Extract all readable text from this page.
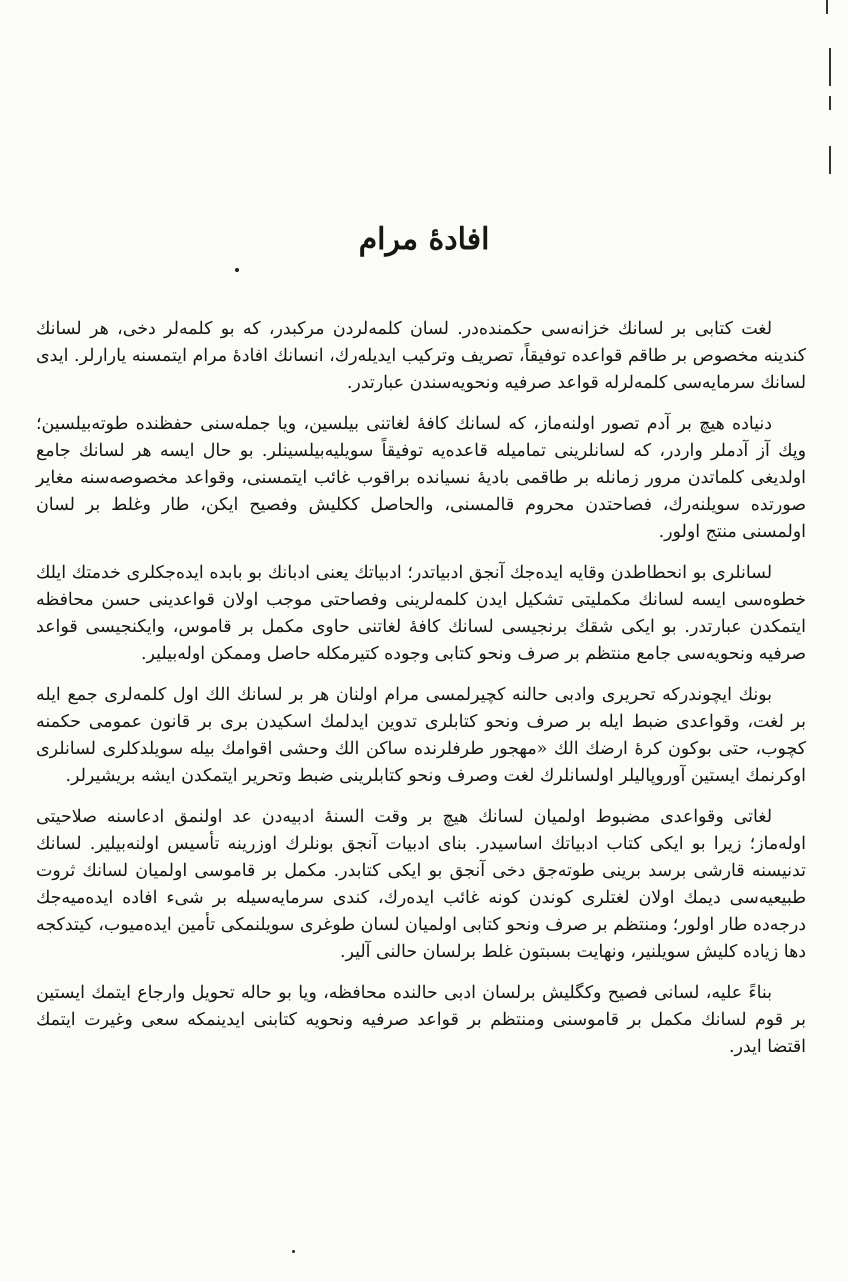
افادهٔ مرام

لغت کتابی بر لسانك خزانه‌سی حکمنده‌در. لسان کلمه‌لردن مرکبدر، که بو کلمه‌لر دخی، هر لسانك کندینه مخصوص بر طاقم قواعده توفیقاً، تصریف وترکیب ایدیله‌رك، انسانك افادهٔ مرام ایتمسنه یارارلر. ایدی لسانك سرمایه‌سی کلمه‌لرله قواعد صرفیه ونحویه‌سندن عبارتدر.

دنیاده هیچ بر آدم تصور اولنه‌ماز، که لسانك کافهٔ لغاتنی بیلسین، ویا جمله‌سنی حفظنده طوته‌بیلسین؛ وپك آز آدملر واردر، که لسانلرینی تماميله قاعده‌یه توفیقاً سویلیه‌بیلسینلر. بو حال ایسه هر لسانك جامع اولدیغی کلماتدن مرور زمانله بر طاقمی بادیهٔ نسیانده براقوب غائب ایتمسنی، وقواعد مخصوصه‌سنه مغایر صورتده سویلنه‌رك، فصاحتدن محروم قالمسنی، والحاصل ککلیش وفصیح ایکن، طار وغلط بر لسان اولمسنی منتج اولور.

لسانلری بو انحطاطدن وقایه ایده‌جك آنجق ادبیاتدر؛ ادبیاتك یعنی ادبانك بو بابده ایده‌جکلری خدمتك ایلك خطوه‌سی ایسه لسانك مکملیتی تشکیل ایدن کلمه‌لرینی وفصاحتی موجب اولان قواعدینی حسن محافظه ایتمکدن عبارتدر. بو ایکی شقك برنجیسی لسانك کافهٔ لغاتنی حاوی مکمل بر قاموس، وایکنجیسی قواعد صرفیه ونحویه‌سی جامع منتظم بر صرف ونحو کتابی وجوده کتیرمکله حاصل وممکن اوله‌بیلیر.

بونك ایچوندرکه تحریری وادبی حالنه کچیرلمسی مرام اولنان هر بر لسانك الك اول کلمه‌لری جمع ایله بر لغت، وقواعدی ضبط ایله بر صرف ونحو کتابلری تدوین ایدلمك اسکیدن بری بر قانون عمومی حکمنه کچوب، حتی بوکون کرهٔ ارضك الك «مهجور طرفلرنده ساکن الك وحشی اقوامك بیله سویلدکلری لسانلری اوکرنمك ایستین آوروپالیلر اولسانلرك لغت وصرف ونحو کتابلرینی ضبط وتحریر ایتمکدن ایشه بریشیرلر.

لغاتی وقواعدی مضبوط اولمیان لسانك هیچ بر وقت السنهٔ ادبیه‌دن عد اولنمق ادعاسنه صلاحیتی اوله‌ماز؛ زیرا بو ایکی کتاب ادبیاتك اساسیدر. بنای ادبیات آنجق بونلرك اوزرینه تأسیس اولنه‌بیلیر. لسانك تدنیسنه قارشی برسد برینی طوته‌جق دخی آنجق بو ایکی کتابدر. مکمل بر قاموسی اولمیان لسانك ثروت طبیعیه‌سی دیمك اولان لغتلری کوندن کونه غائب ایده‌رك، کندی سرمایه‌سیله بر شیء افاده ایده‌میه‌جك درجه‌ده طار اولور؛ ومنتظم بر صرف ونحو کتابی اولمیان لسان طوغری سویلنمکی تأمین ایده‌میوب، کیتدکجه دها زیاده کلیش سویلنیر، ونهایت بسبتون غلط برلسان حالنی آلیر.

بناءً علیه، لسانی فصیح وکگلیش برلسان ادبی حالنده محافظه، ویا بو حاله تحویل وارجاع ایتمك ایستین بر قوم لسانك مکمل بر قاموسنی ومنتظم بر قواعد صرفیه ونحویه کتابنی ایدینمکه سعی وغیرت ایتمك اقتضا ایدر.
